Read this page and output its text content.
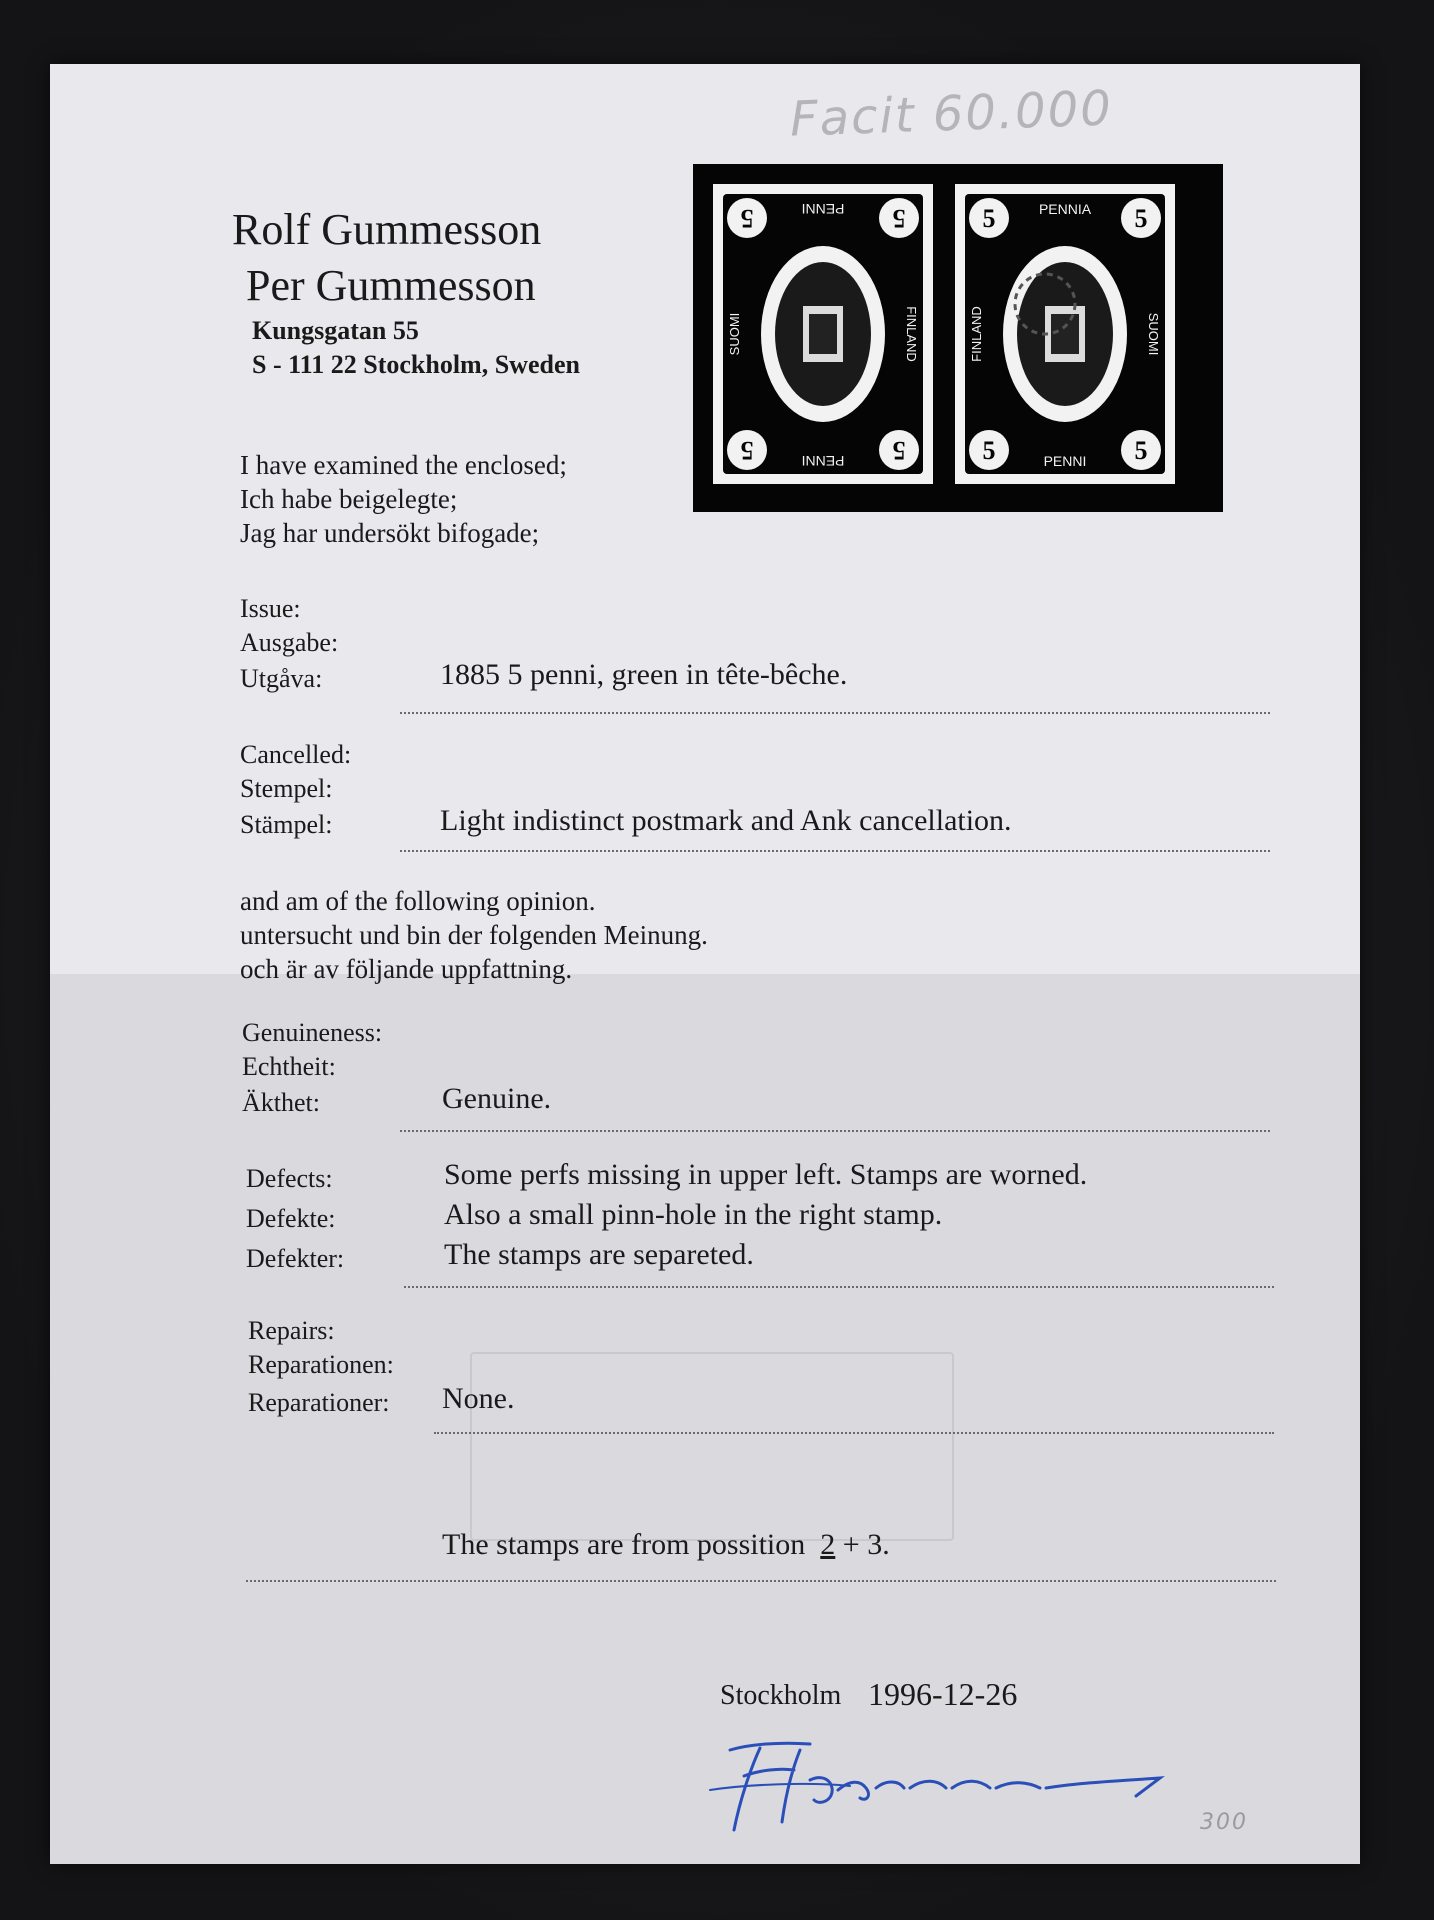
Facit 60.000
Rolf Gummesson
Per Gummesson
Kungsgatan 55
S - 111 22 Stockholm, Sweden
5	5
5	5
PENNI
PENNI
SUOMI	FINLAND
5	5
5	5
PENNIA
PENNI
FINLAND	SUOMI
I have examined the enclosed;
Ich habe beigelegte;
Jag har undersökt bifogade;
Issue:
Ausgabe:
Utgåva:	1885 5 penni, green in tête-bêche.
Cancelled:
Stempel:
Stämpel:	Light indistinct postmark and Ank cancellation.
and am of the following opinion.
untersucht und bin der folgenden Meinung.
och är av följande uppfattning.
Genuineness:
Echtheit:
Äkthet:	Genuine.
Defects:
Defekte:
Defekter:
Some perfs missing in upper left. Stamps are worned.
Also a small pinn-hole in the right stamp.
The stamps are separeted.
Repairs:
Reparationen:
Reparationer: None.
The stamps are from possition 2 + 3.
Stockholm 1996-12-26
300
